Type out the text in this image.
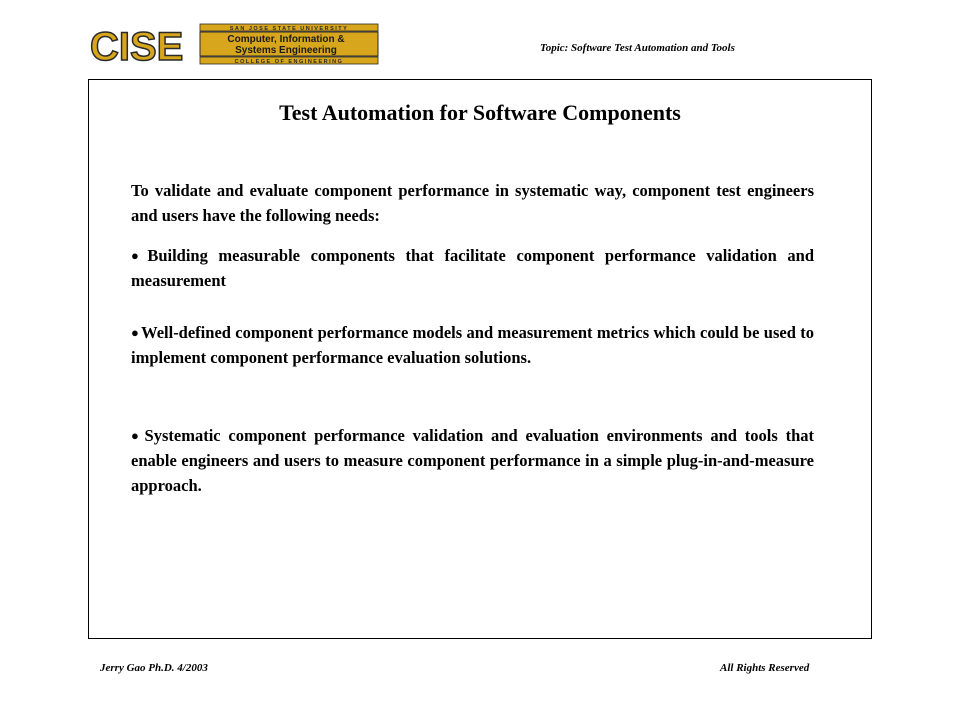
CISE	SAN JOSE STATE UNIVERSITY
Computer, Information &
Systems Engineering
COLLEGE OF ENGINEERING
Topic: Software Test Automation and Tools
Test Automation for Software Components

To validate and evaluate component performance in systematic way, component test engineers and users have the following needs:

● Building measurable components that facilitate component performance validation and measurement

● Well-defined component performance models and measurement metrics which could be used to implement component performance evaluation solutions.

● Systematic component performance validation and evaluation environments and tools that enable engineers and users to measure component performance in a simple plug-in-and-measure approach.

Jerry Gao Ph.D. 4/2003	All Rights Reserved
